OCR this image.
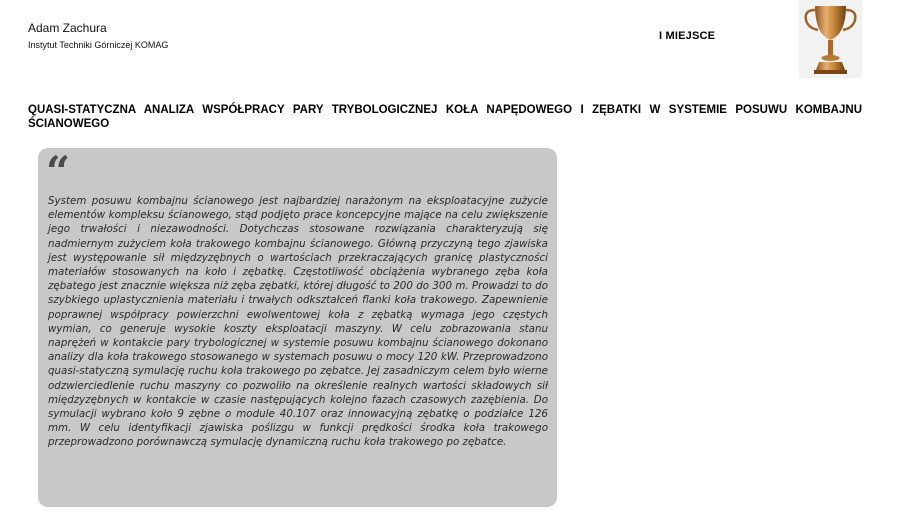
Adam Zachura
Instytut Techniki Górniczej KOMAG
I MIEJSCE
QUASI-STATYCZNA ANALIZA WSPÓŁPRACY PARY TRYBOLOGICZNEJ KOŁA NAPĘDOWEGO I ZĘBATKI W SYSTEMIE POSUWU KOMBAJNU ŚCIANOWEGO
“

System posuwu kombajnu ścianowego jest najbardziej narażonym na eksploatacyjne zużycie elementów kompleksu ścianowego, stąd podjęto prace koncepcyjne mające na celu zwiększenie jego trwałości i niezawodności. Dotychczas stosowane rozwiązania charakteryzują się nadmiernym zużyciem koła trakowego kombajnu ścianowego. Główną przyczyną tego zjawiska jest występowanie sił międzyzębnych o wartościach przekraczających granicę plastyczności materiałów stosowanych na koło i zębatkę. Częstotliwość obciążenia wybranego zęba koła zębatego jest znacznie większa niż zęba zębatki, której długość to 200 do 300 m. Prowadzi to do szybkiego uplastycznienia materiału i trwałych odkształceń flanki koła trakowego. Zapewnienie poprawnej współpracy powierzchni ewolwentowej koła z zębatką wymaga jego częstych wymian, co generuje wysokie koszty eksploatacji maszyny. W celu zobrazowania stanu naprężeń w kontakcie pary trybologicznej w systemie posuwu kombajnu ścianowego dokonano analizy dla koła trakowego stosowanego w systemach posuwu o mocy 120 kW. Przeprowadzono quasi-statyczną symulację ruchu koła trakowego po zębatce. Jej zasadniczym celem było wierne odzwierciedlenie ruchu maszyny co pozwoliło na określenie realnych wartości składowych sił międzyzębnych w kontakcie w czasie następujących kolejno fazach czasowych zazębienia. Do symulacji wybrano koło 9 zębne o module 40.107 oraz innowacyjną zębatkę o podziałce 126 mm. W celu identyfikacji zjawiska poślizgu w funkcji prędkości środka koła trakowego przeprowadzono porównawczą symulację dynamiczną ruchu koła trakowego po zębatce.
